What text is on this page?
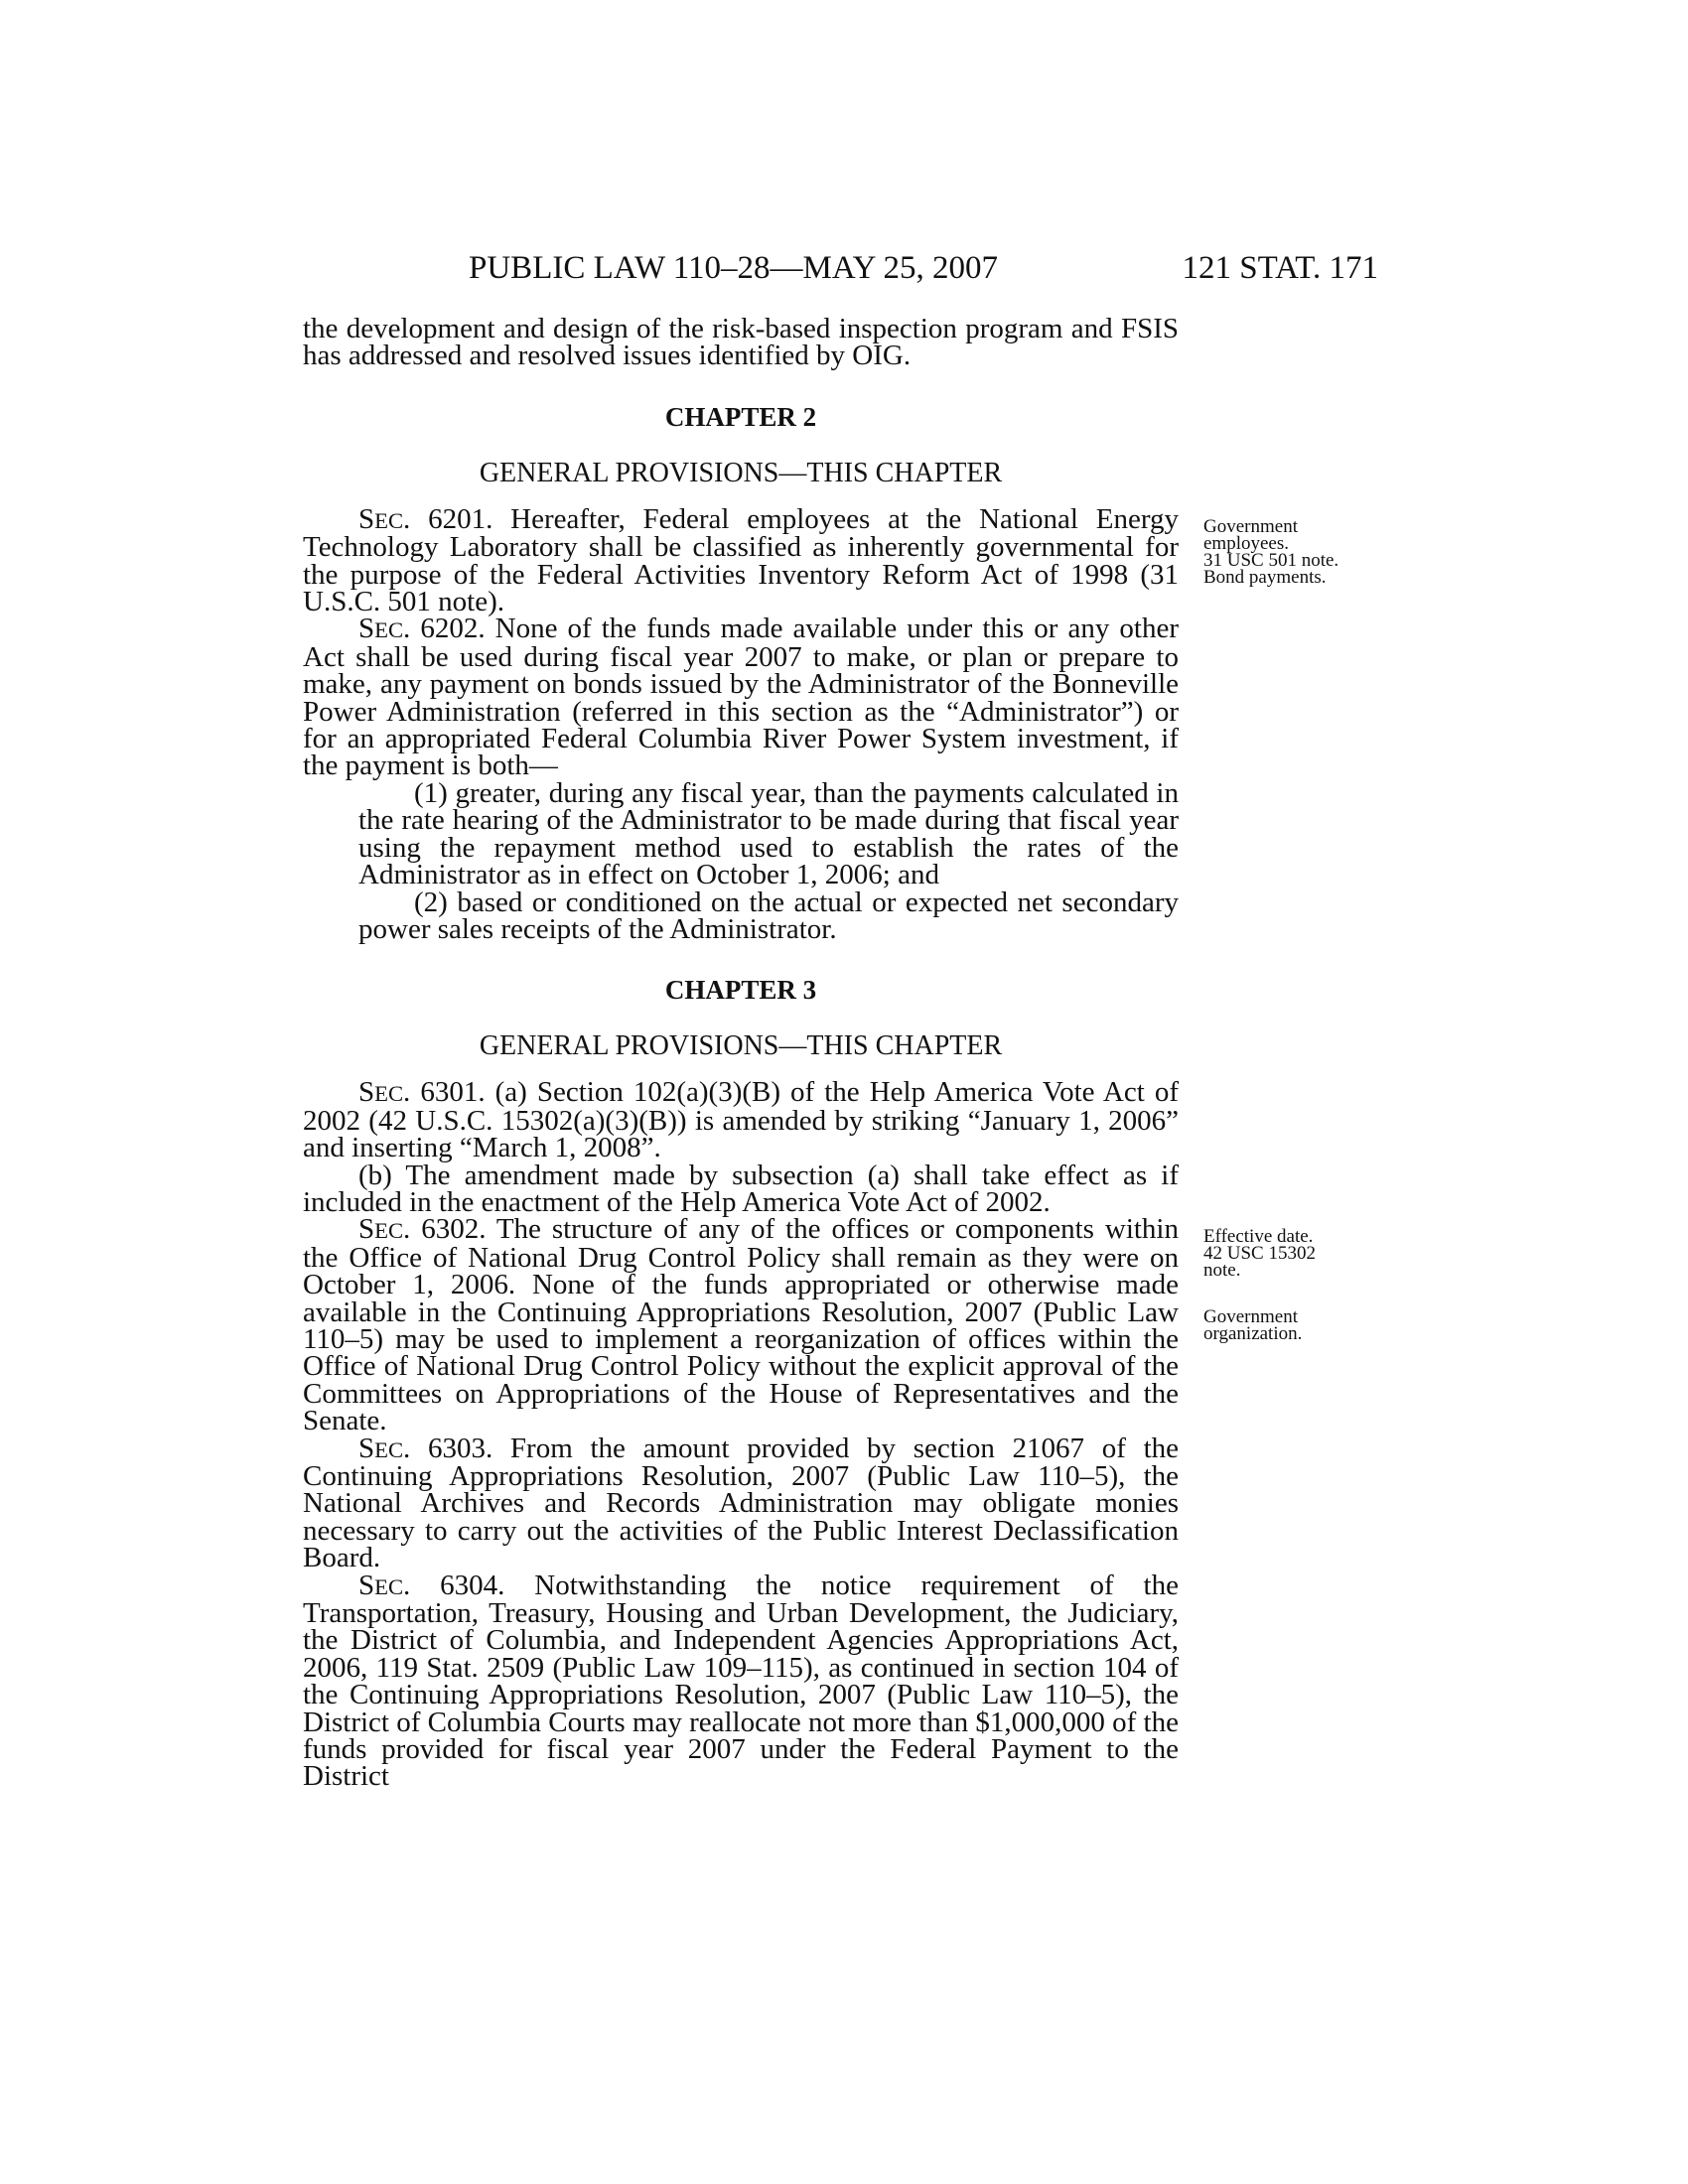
PUBLIC LAW 110–28—MAY 25, 2007	121 STAT. 171

the development and design of the risk-based inspection program and FSIS has addressed and resolved issues identified by OIG.

CHAPTER 2

GENERAL PROVISIONS—THIS CHAPTER

SEC. 6201. Hereafter, Federal employees at the National Energy Technology Laboratory shall be classified as inherently governmental for the purpose of the Federal Activities Inventory Reform Act of 1998 (31 U.S.C. 501 note).

SEC. 6202. None of the funds made available under this or any other Act shall be used during fiscal year 2007 to make, or plan or prepare to make, any payment on bonds issued by the Administrator of the Bonneville Power Administration (referred in this section as the “Administrator”) or for an appropriated Federal Columbia River Power System investment, if the payment is both—

(1) greater, during any fiscal year, than the payments calculated in the rate hearing of the Administrator to be made during that fiscal year using the repayment method used to establish the rates of the Administrator as in effect on October 1, 2006; and

(2) based or conditioned on the actual or expected net secondary power sales receipts of the Administrator.

CHAPTER 3

GENERAL PROVISIONS—THIS CHAPTER

SEC. 6301. (a) Section 102(a)(3)(B) of the Help America Vote Act of 2002 (42 U.S.C. 15302(a)(3)(B)) is amended by striking “January 1, 2006” and inserting “March 1, 2008”.

(b) The amendment made by subsection (a) shall take effect as if included in the enactment of the Help America Vote Act of 2002.

SEC. 6302. The structure of any of the offices or components within the Office of National Drug Control Policy shall remain as they were on October 1, 2006. None of the funds appropriated or otherwise made available in the Continuing Appropriations Resolution, 2007 (Public Law 110–5) may be used to implement a reorganization of offices within the Office of National Drug Control Policy without the explicit approval of the Committees on Appropriations of the House of Representatives and the Senate.

SEC. 6303. From the amount provided by section 21067 of the Continuing Appropriations Resolution, 2007 (Public Law 110–5), the National Archives and Records Administration may obligate monies necessary to carry out the activities of the Public Interest Declassification Board.

SEC. 6304. Notwithstanding the notice requirement of the Transportation, Treasury, Housing and Urban Development, the Judiciary, the District of Columbia, and Independent Agencies Appropriations Act, 2006, 119 Stat. 2509 (Public Law 109–115), as continued in section 104 of the Continuing Appropriations Resolution, 2007 (Public Law 110–5), the District of Columbia Courts may reallocate not more than $1,000,000 of the funds provided for fiscal year 2007 under the Federal Payment to the District

Government
employees.
31 USC 501 note.
Bond payments.
Effective date.
42 USC 15302
note.
Government
organization.
